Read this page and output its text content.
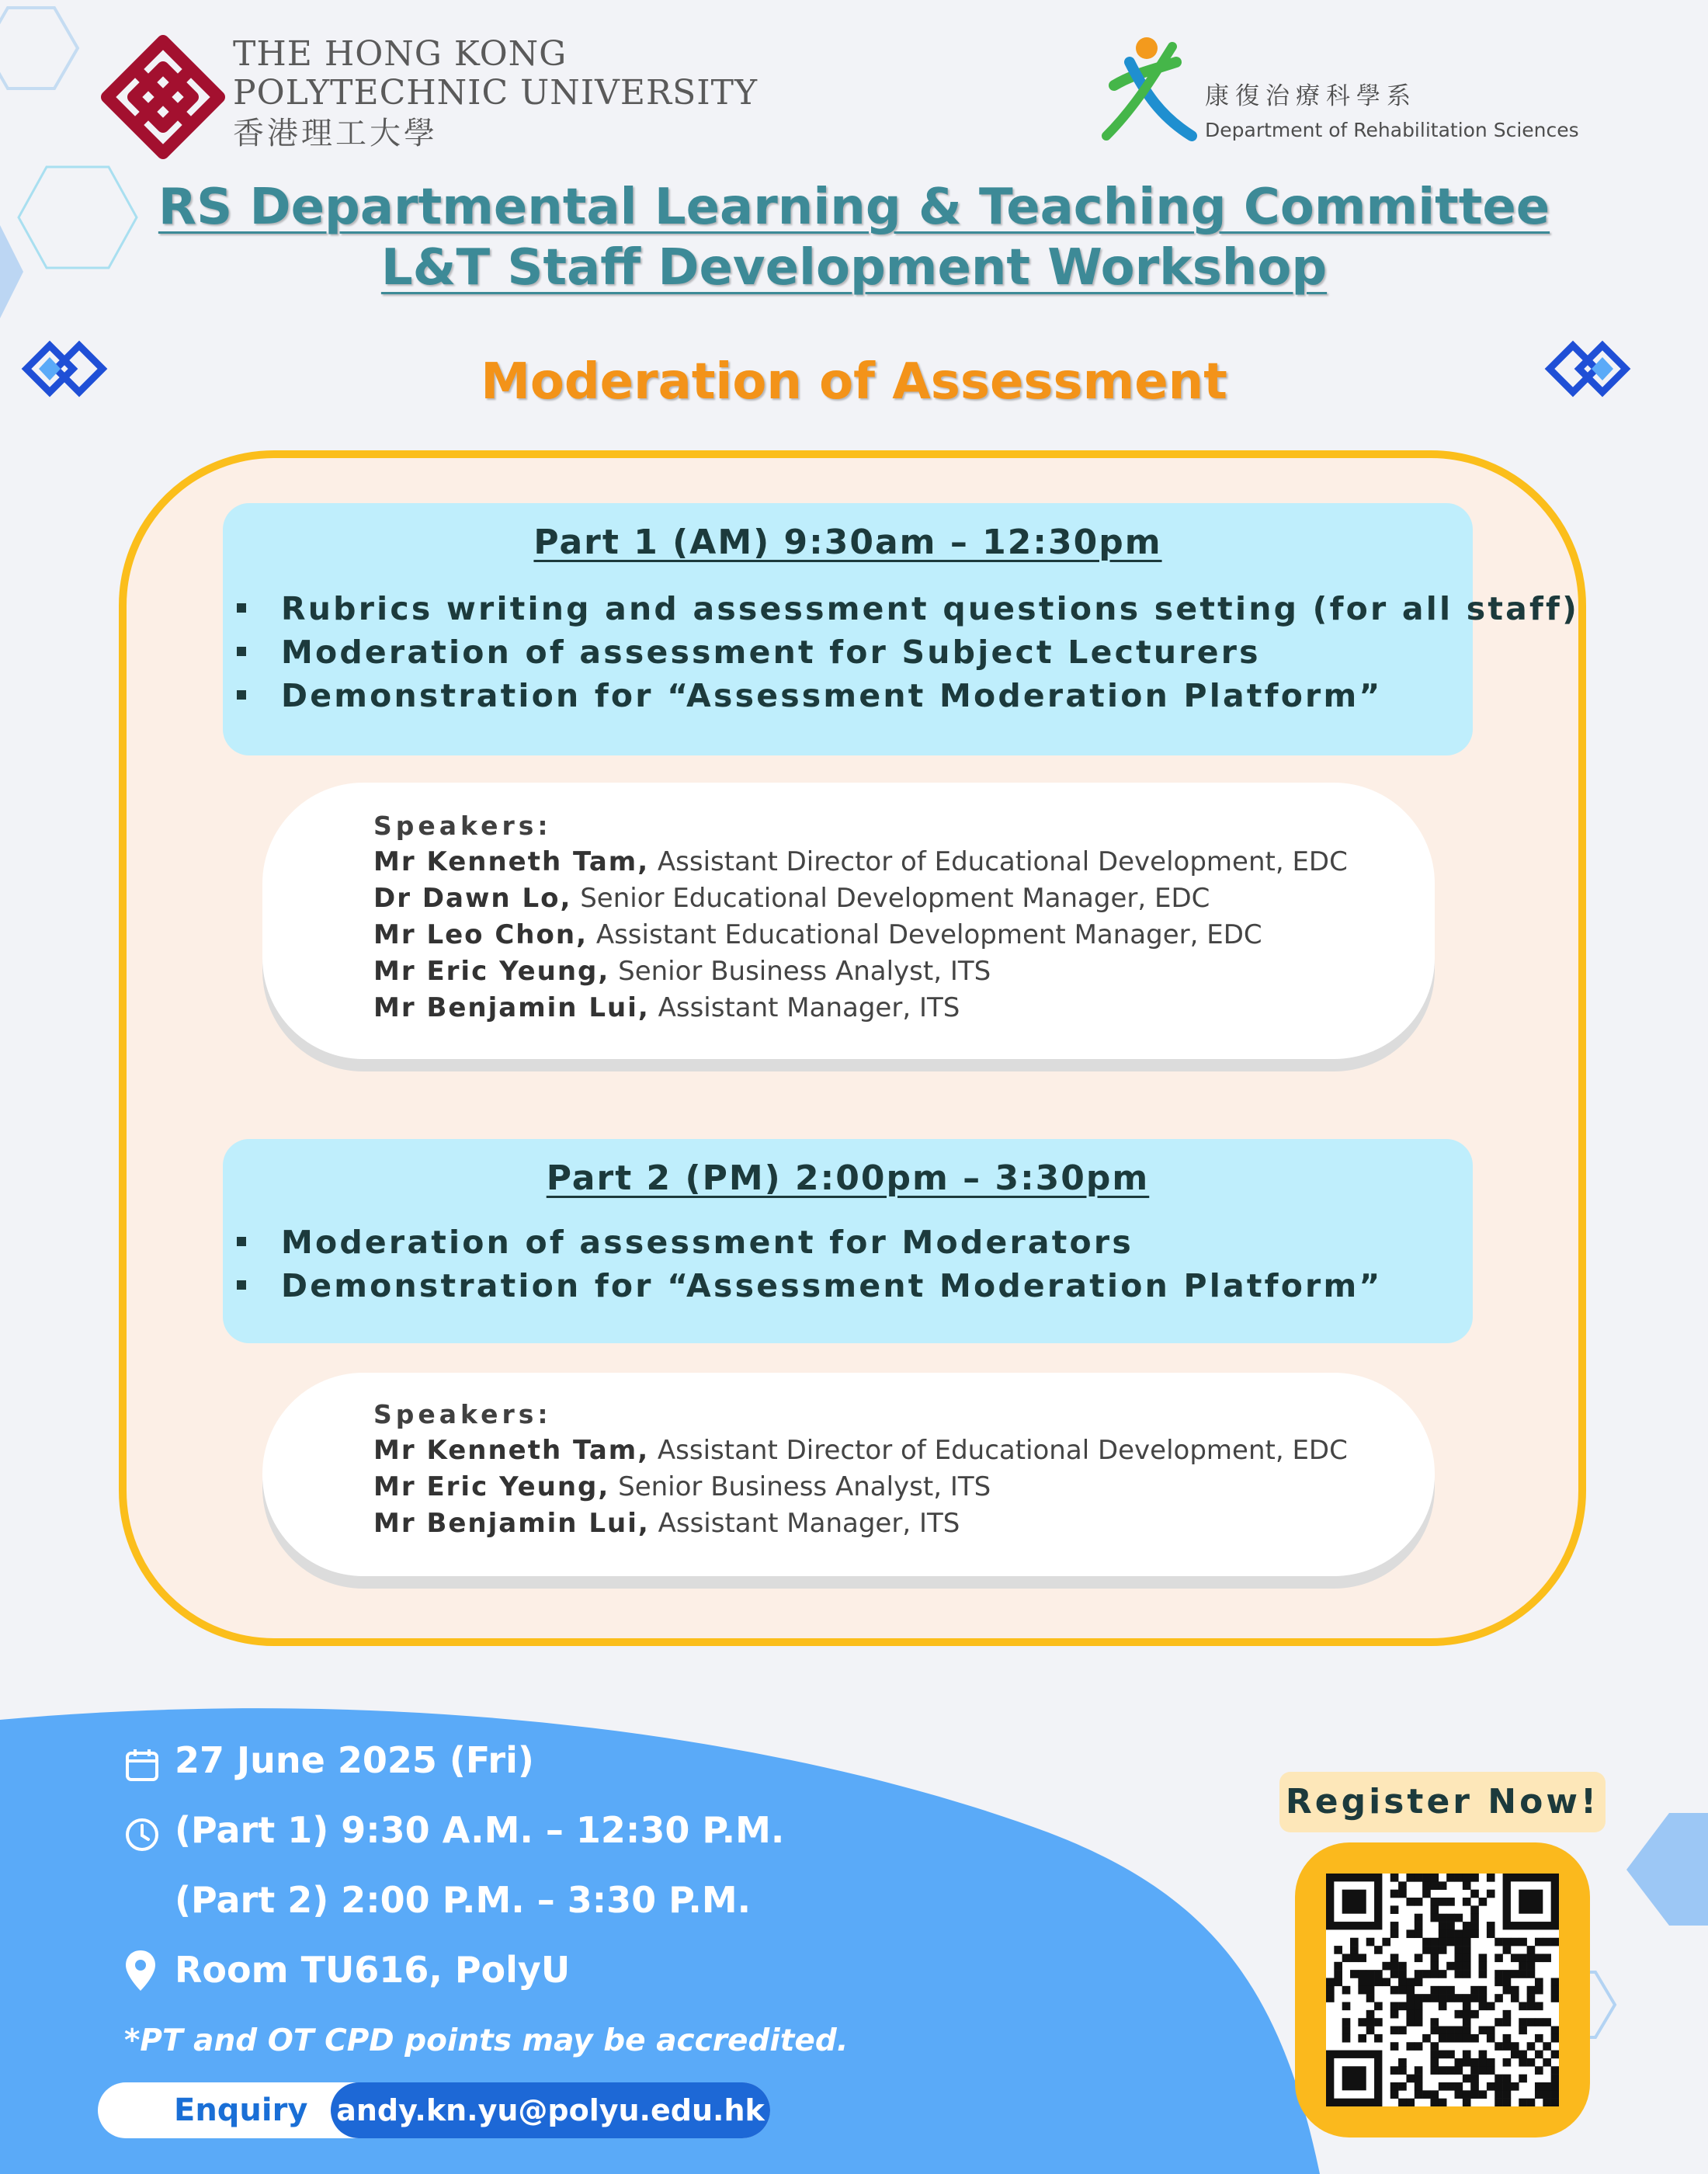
THE HONG KONG
POLYTECHNIC UNIVERSITY
香港理工大學
康復治療科學系
Department of Rehabilitation Sciences
RS Departmental Learning & Teaching Committee
L&T Staff Development Workshop
Moderation of Assessment
Part 1 (AM) 9:30am – 12:30pm
Rubrics writing and assessment questions setting (for all staff)
Moderation of assessment for Subject Lecturers
Demonstration for “Assessment Moderation Platform”
Speakers:
Mr Kenneth Tam, Assistant Director of Educational Development, EDC
Dr Dawn Lo, Senior Educational Development Manager, EDC
Mr Leo Chon, Assistant Educational Development Manager, EDC
Mr Eric Yeung, Senior Business Analyst, ITS
Mr Benjamin Lui, Assistant Manager, ITS
Part 2 (PM) 2:00pm – 3:30pm
Moderation of assessment for Moderators
Demonstration for “Assessment Moderation Platform”
Speakers:
Mr Kenneth Tam, Assistant Director of Educational Development, EDC
Mr Eric Yeung, Senior Business Analyst, ITS
Mr Benjamin Lui, Assistant Manager, ITS
27 June 2025 (Fri)
(Part 1) 9:30 A.M. – 12:30 P.M.
(Part 2) 2:00 P.M. – 3:30 P.M.
Room TU616, PolyU
*PT and OT CPD points may be accredited.
Enquiry andy.kn.yu@polyu.edu.hk
Register Now!
